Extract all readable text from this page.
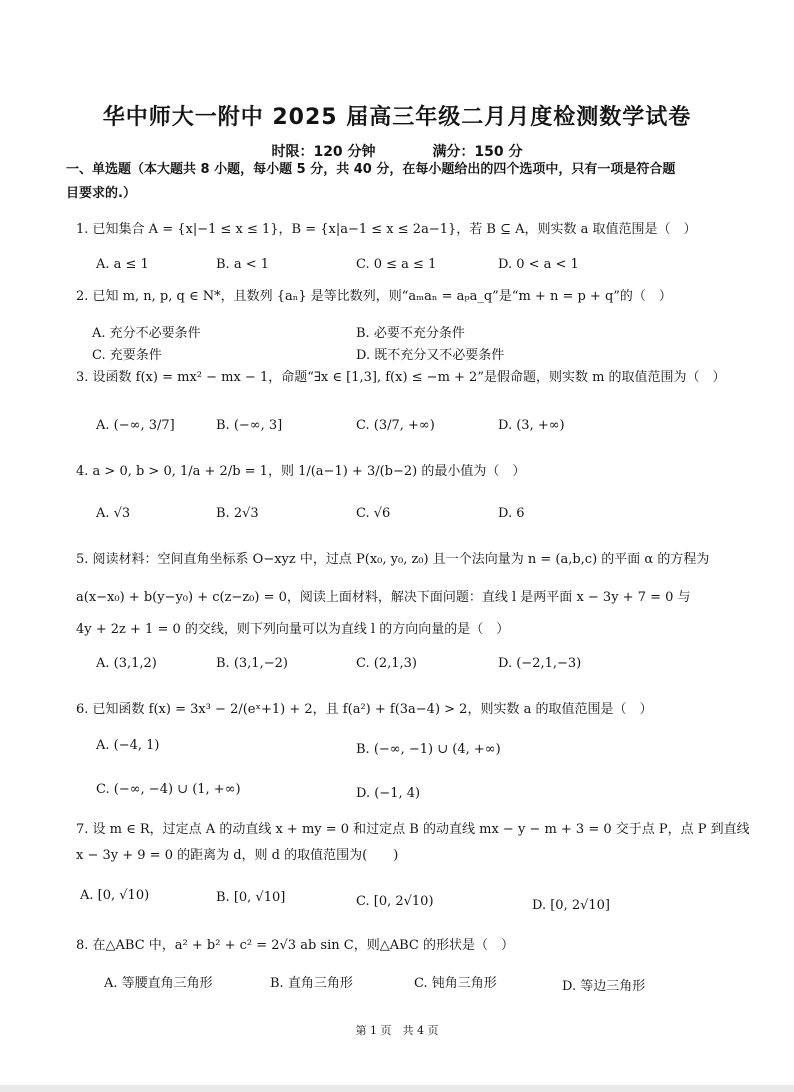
华中师大一附中 2025 届高三年级二月月度检测数学试卷
时限：120 分钟	满分：150 分
一、单选题（本大题共 8 小题，每小题 5 分，共 40 分，在每小题给出的四个选项中，只有一项是符合题
目要求的.）
1. 已知集合 A = {x|−1 ≤ x ≤ 1}，B = {x|a−1 ≤ x ≤ 2a−1}，若 B ⊆ A，则实数 a 取值范围是（　）
A. a ≤ 1	B. a < 1	C. 0 ≤ a ≤ 1	D. 0 < a < 1
2. 已知 m, n, p, q ∈ N*，且数列 {aₙ} 是等比数列，则“aₘaₙ = aₚa_q”是“m + n = p + q”的（　）
A. 充分不必要条件	B. 必要不充分条件
C. 充要条件	D. 既不充分又不必要条件
3. 设函数 f(x) = mx² − mx − 1，命题“∃x ∈ [1,3], f(x) ≤ −m + 2”是假命题，则实数 m 的取值范围为（　）
A. (−∞, 3/7]	B. (−∞, 3]	C. (3/7, +∞)	D. (3, +∞)
4. a > 0, b > 0, 1/a + 2/b = 1，则 1/(a−1) + 3/(b−2) 的最小值为（　）
A. √3	B. 2√3	C. √6	D. 6
5. 阅读材料：空间直角坐标系 O−xyz 中，过点 P(x₀, y₀, z₀) 且一个法向量为 n = (a,b,c) 的平面 α 的方程为
a(x−x₀) + b(y−y₀) + c(z−z₀) = 0，阅读上面材料，解决下面问题：直线 l 是两平面 x − 3y + 7 = 0 与
4y + 2z + 1 = 0 的交线，则下列向量可以为直线 l 的方向向量的是（　）
A. (3,1,2)	B. (3,1,−2)	C. (2,1,3)	D. (−2,1,−3)
6. 已知函数 f(x) = 3x³ − 2/(eˣ+1) + 2，且 f(a²) + f(3a−4) > 2，则实数 a 的取值范围是（　）
A. (−4, 1)	B. (−∞, −1) ∪ (4, +∞)
C. (−∞, −4) ∪ (1, +∞)	D. (−1, 4)
7. 设 m ∈ R，过定点 A 的动直线 x + my = 0 和过定点 B 的动直线 mx − y − m + 3 = 0 交于点 P，点 P 到直线
x − 3y + 9 = 0 的距离为 d，则 d 的取值范围为(　　)
A. [0, √10)	B. [0, √10]	C. [0, 2√10)	D. [0, 2√10]
8. 在△ABC 中，a² + b² + c² = 2√3 ab sin C，则△ABC 的形状是（　）
A. 等腰直角三角形	B. 直角三角形	C. 钝角三角形	D. 等边三角形
第 1 页　共 4 页
